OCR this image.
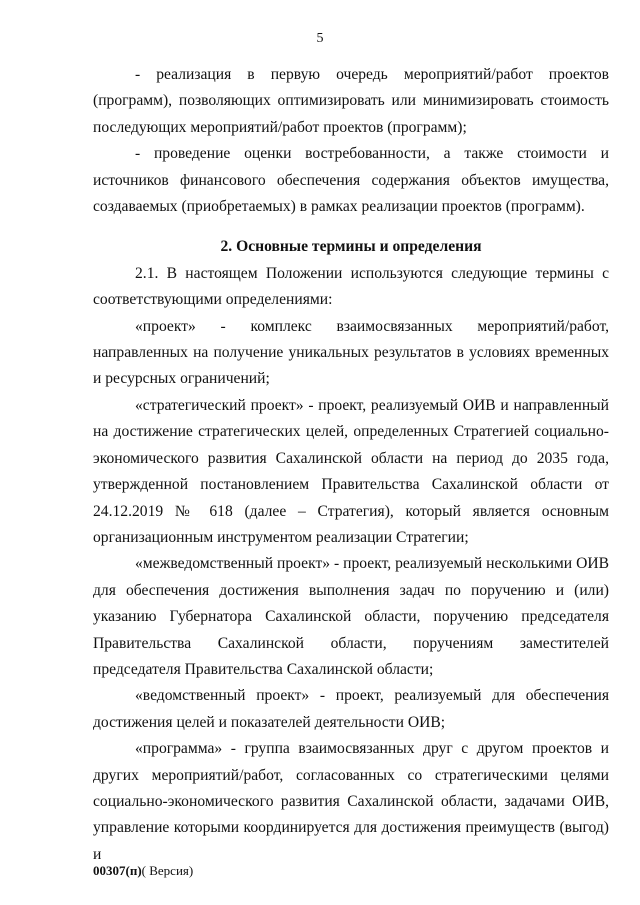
5

- реализация в первую очередь мероприятий/работ проектов (программ), позволяющих оптимизировать или минимизировать стоимость последующих мероприятий/работ проектов (программ);

- проведение оценки востребованности, а также стоимости и источников финансового обеспечения содержания объектов имущества, создаваемых (приобретаемых) в рамках реализации проектов (программ).

2. Основные термины и определения

2.1. В настоящем Положении используются следующие термины с соответствующими определениями:

«проект» - комплекс взаимосвязанных мероприятий/работ, направленных на получение уникальных результатов в условиях временных и ресурсных ограничений;

«стратегический проект» - проект, реализуемый ОИВ и направленный на достижение стратегических целей, определенных Стратегией социально-экономического развития Сахалинской области на период до 2035 года, утвержденной постановлением Правительства Сахалинской области от 24.12.2019 № 618 (далее – Стратегия), который является основным организационным инструментом реализации Стратегии;

«межведомственный проект» - проект, реализуемый несколькими ОИВ для обеспечения достижения выполнения задач по поручению и (или) указанию Губернатора Сахалинской области, поручению председателя Правительства Сахалинской области, поручениям заместителей председателя Правительства Сахалинской области;

«ведомственный проект» - проект, реализуемый для обеспечения достижения целей и показателей деятельности ОИВ;

«программа» - группа взаимосвязанных друг с другом проектов и других мероприятий/работ, согласованных со стратегическими целями социально-экономического развития Сахалинской области, задачами ОИВ, управление которыми координируется для достижения преимуществ (выгод) и

00307(п)( Версия)
